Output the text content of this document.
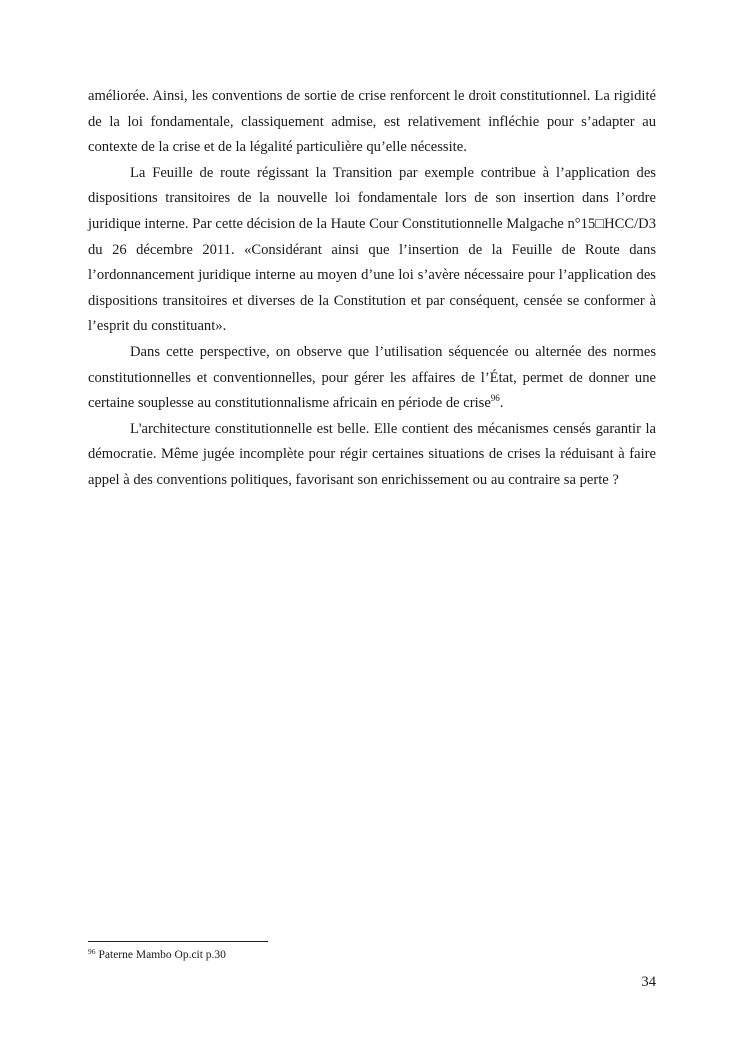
améliorée. Ainsi, les conventions de sortie de crise renforcent le droit constitutionnel. La rigidité de la loi fondamentale, classiquement admise, est relativement infléchie pour s’adapter au contexte de la crise et de la légalité particulière qu’elle nécessite.

La Feuille de route régissant la Transition par exemple contribue à l’application des dispositions transitoires de la nouvelle loi fondamentale lors de son insertion dans l’ordre juridique interne. Par cette décision de la Haute Cour Constitutionnelle Malgache n°15□HCC/D3 du 26 décembre 2011. «Considérant ainsi que l’insertion de la Feuille de Route dans l’ordonnancement juridique interne au moyen d’une loi s’avère nécessaire pour l’application des dispositions transitoires et diverses de la Constitution et par conséquent, censée se conformer à l’esprit du constituant».

Dans cette perspective, on observe que l’utilisation séquencée ou alternée des normes constitutionnelles et conventionnelles, pour gérer les affaires de l’État, permet de donner une certaine souplesse au constitutionnalisme africain en période de crise$^{96}$.

L'architecture constitutionnelle est belle. Elle contient des mécanismes censés garantir la démocratie. Même jugée incomplète pour régir certaines situations de crises la réduisant à faire appel à des conventions politiques, favorisant son enrichissement ou au contraire sa perte ?

$^{96}$ Paterne Mambo Op.cit p.30
34
